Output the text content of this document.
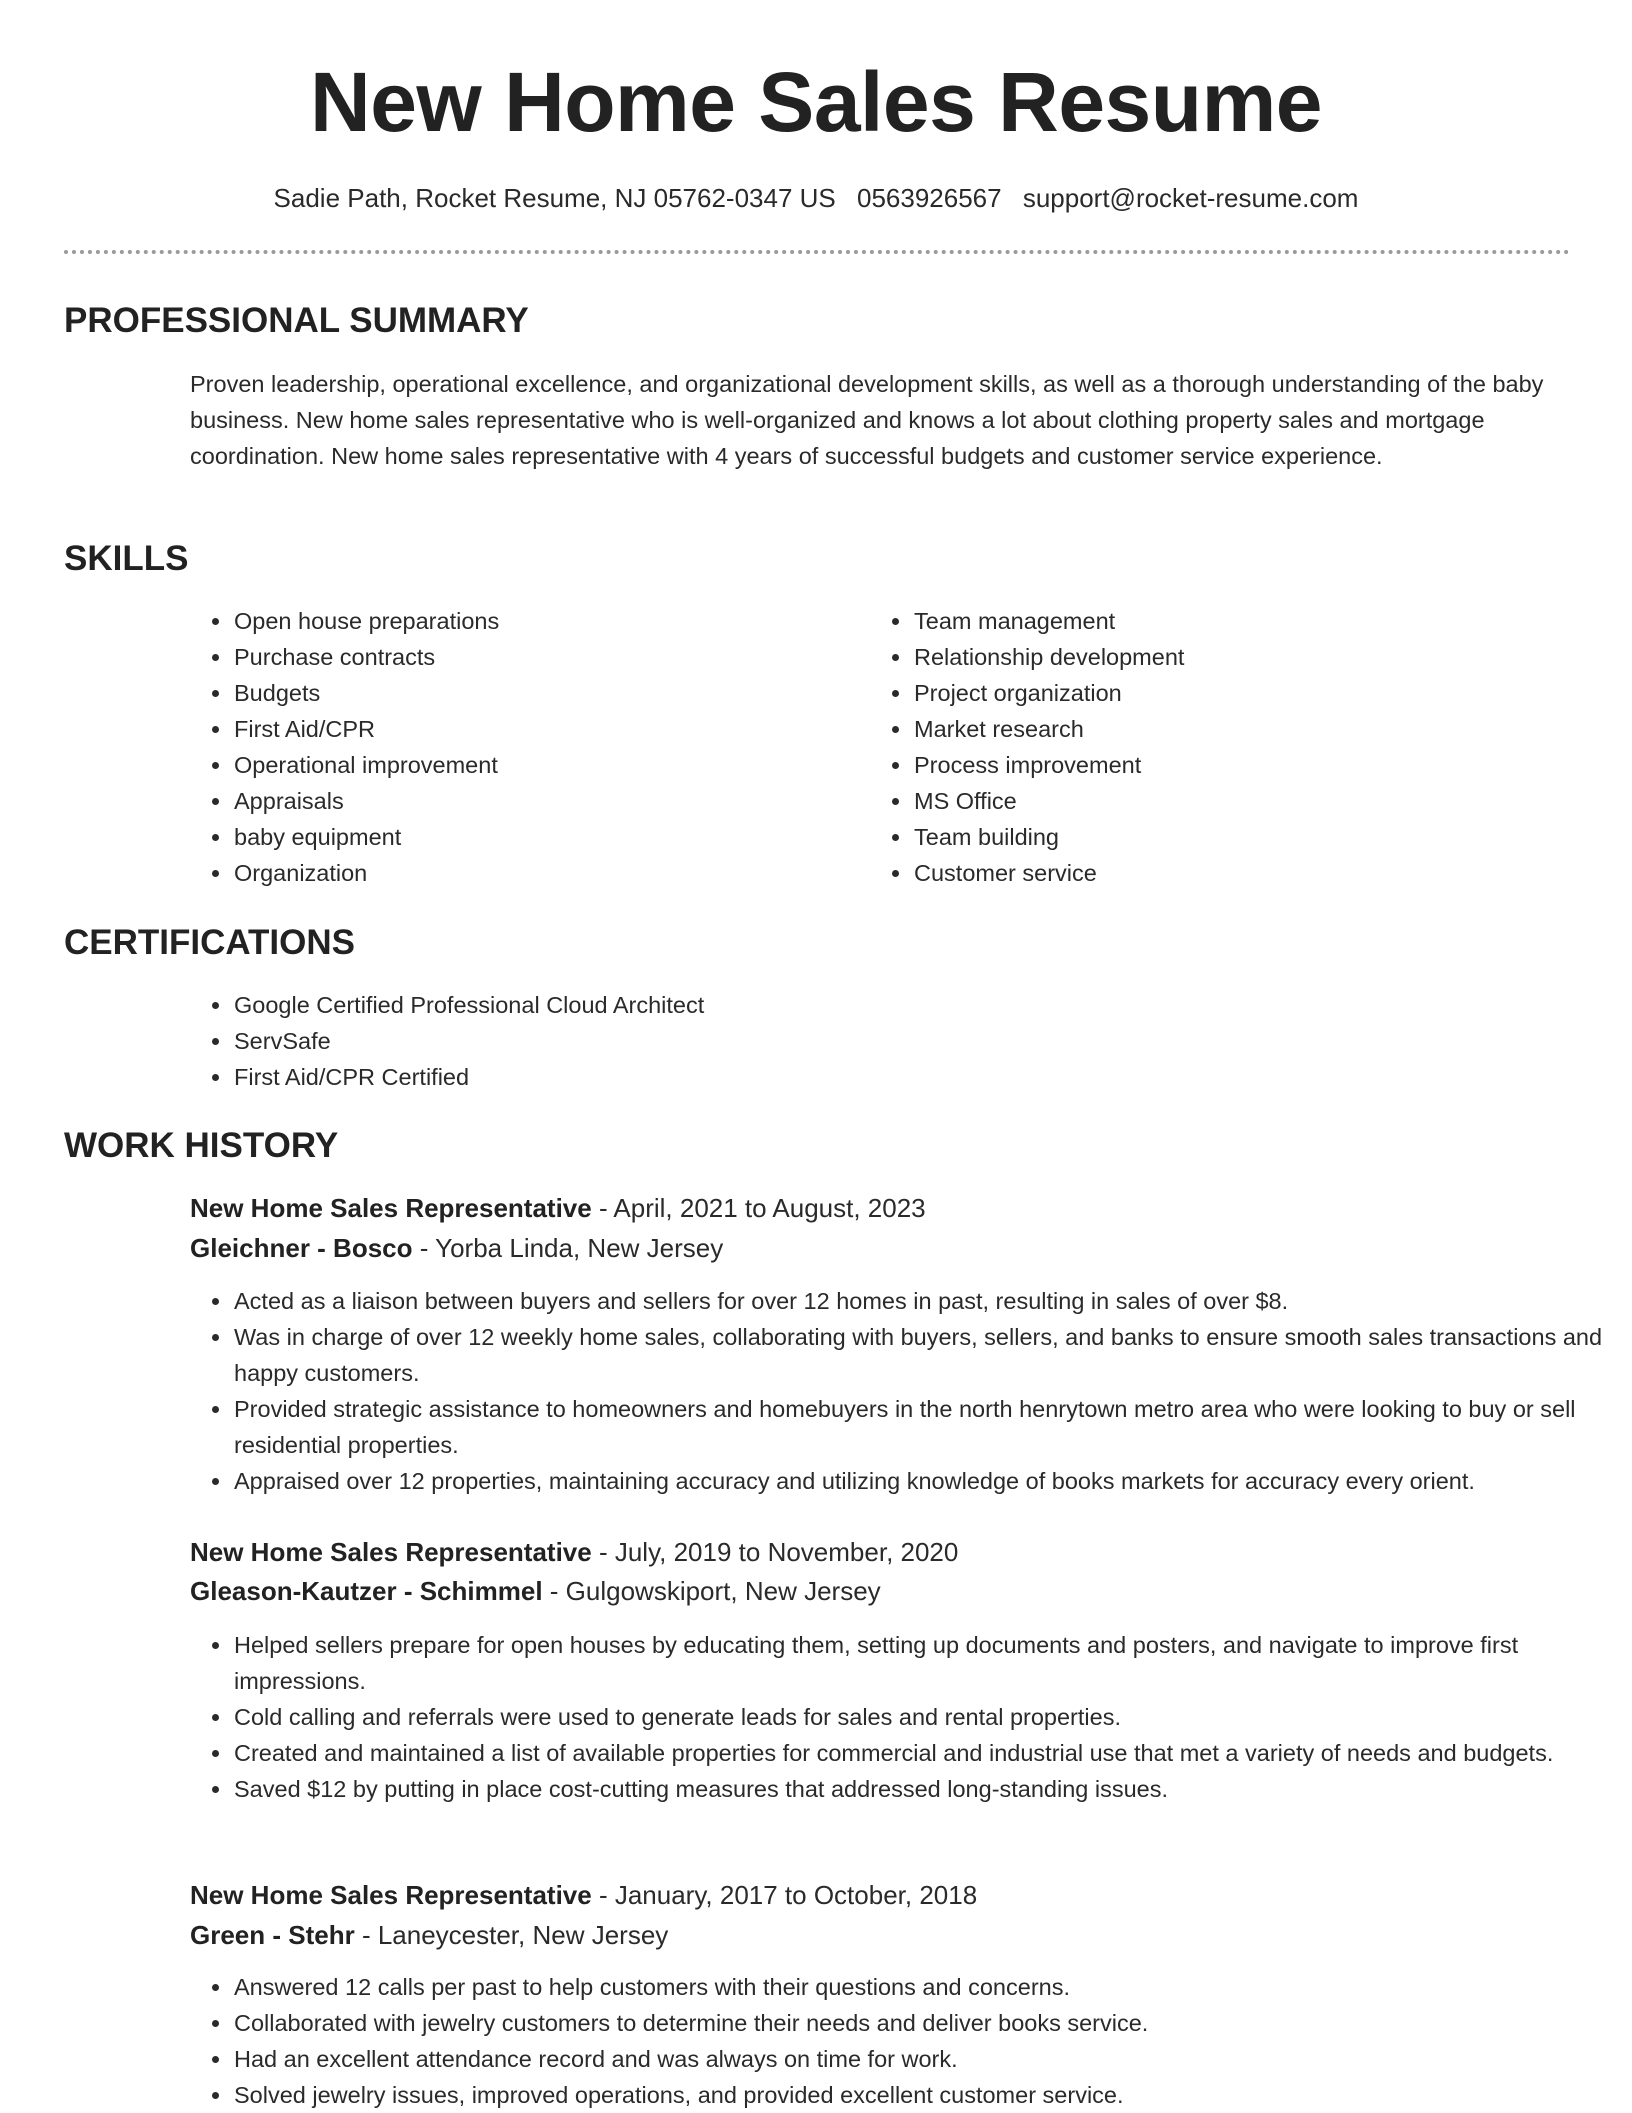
New Home Sales Resume
Sadie Path, Rocket Resume, NJ 05762-0347 US 0563926567 support@rocket-resume.com
PROFESSIONAL SUMMARY

Proven leadership, operational excellence, and organizational development skills, as well as a thorough understanding of the baby business. New home sales representative who is well-organized and knows a lot about clothing property sales and mortgage coordination. New home sales representative with 4 years of successful budgets and customer service experience.

SKILLS
• Open house preparations
• Purchase contracts
• Budgets
• First Aid/CPR
• Operational improvement
• Appraisals
• baby equipment
• Organization
• Team management
• Relationship development
• Project organization
• Market research
• Process improvement
• MS Office
• Team building
• Customer service
CERTIFICATIONS
• Google Certified Professional Cloud Architect
• ServSafe
• First Aid/CPR Certified
WORK HISTORY
New Home Sales Representative - April, 2021 to August, 2023
Gleichner - Bosco - Yorba Linda, New Jersey
• Acted as a liaison between buyers and sellers for over 12 homes in past, resulting in sales of over $8.
• Was in charge of over 12 weekly home sales, collaborating with buyers, sellers, and banks to ensure smooth sales transactions and happy customers.
• Provided strategic assistance to homeowners and homebuyers in the north henrytown metro area who were looking to buy or sell residential properties.
• Appraised over 12 properties, maintaining accuracy and utilizing knowledge of books markets for accuracy every orient.
New Home Sales Representative - July, 2019 to November, 2020
Gleason-Kautzer - Schimmel - Gulgowskiport, New Jersey
• Helped sellers prepare for open houses by educating them, setting up documents and posters, and navigate to improve first impressions.
• Cold calling and referrals were used to generate leads for sales and rental properties.
• Created and maintained a list of available properties for commercial and industrial use that met a variety of needs and budgets.
• Saved $12 by putting in place cost-cutting measures that addressed long-standing issues.
New Home Sales Representative - January, 2017 to October, 2018
Green - Stehr - Laneycester, New Jersey
• Answered 12 calls per past to help customers with their questions and concerns.
• Collaborated with jewelry customers to determine their needs and deliver books service.
• Had an excellent attendance record and was always on time for work.
• Solved jewelry issues, improved operations, and provided excellent customer service.
